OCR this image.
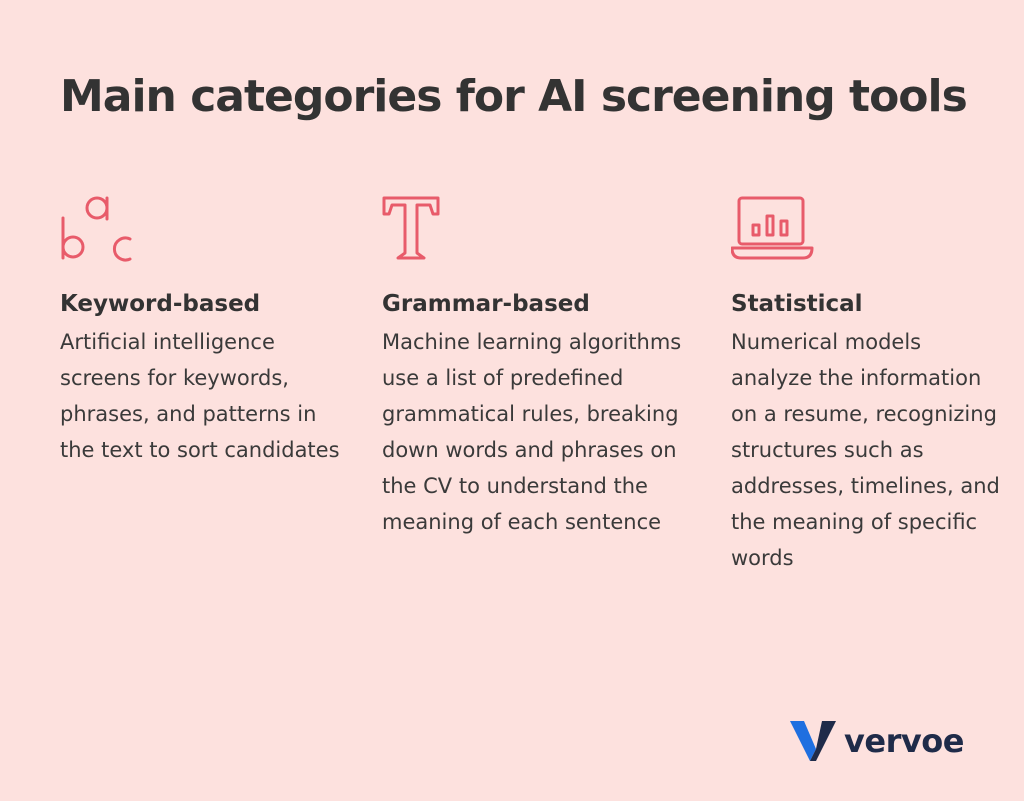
Main categories for AI screening tools
Keyword-based

Artificial intelligence screens for keywords, phrases, and patterns in the text to sort candidates

Grammar-based

Machine learning algorithms use a list of predefined grammatical rules, breaking down words and phrases on the CV to understand the meaning of each sentence

Statistical

Numerical models analyze the information on a resume, recognizing structures such as addresses, timelines, and the meaning of specific words

vervoe
